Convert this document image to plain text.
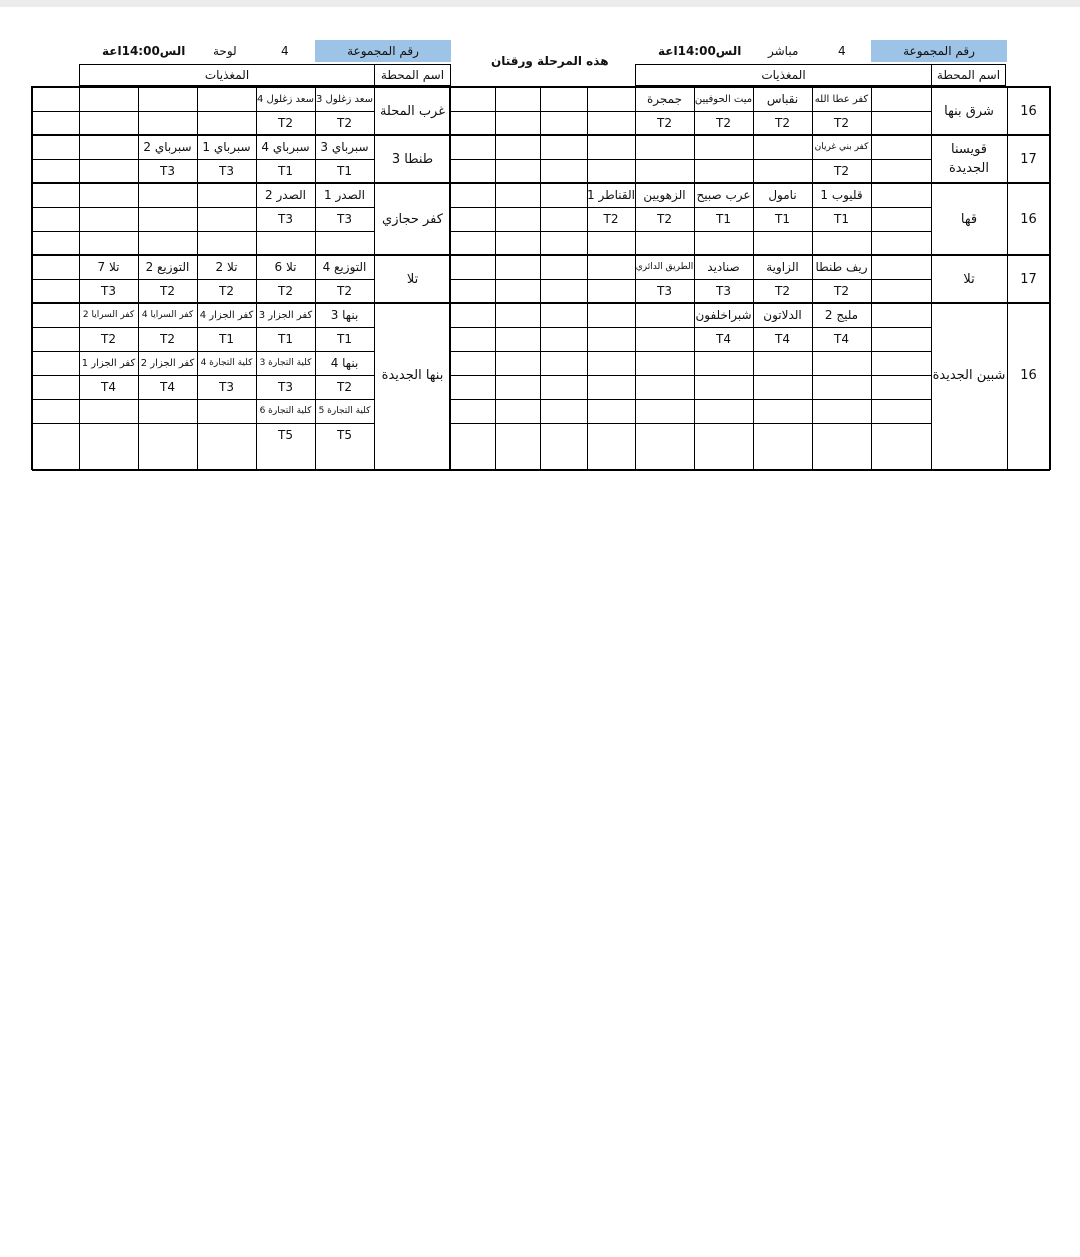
هذه المرحلة ورقتان
رقم المجموعة
4
مباشر
الس14:00اعة
اسم المحطة
المغذيات
رقم المجموعة
4
لوحة
الس14:00اعة
اسم المحطة
المغذيات
16
شرق بنها
كفر عطا الله
نقباس
ميت الحوفيين
جمجرة
T2
T2
T2
T2
17
قويسنا الجديدة
كفر بني غريان
T2
16
قها
قليوب 1
نامول
عرب صبيح
الزهويين
القناطر 1
T1
T1
T1
T2
T2
17
تلا
ريف طنطا
الزاوية
صناديد
الطريق الدائري
T2
T2
T3
T3
16
شبين الجديدة
مليج 2
الدلاتون
شبراخلفون
T4
T4
T4
غرب المحلة
سعد زغلول 3
سعد زغلول 4
T2
T2
طنطا 3
سبرباي 3
سبرباي 4
سبرباي 1
سبرباي 2
T1
T1
T3
T3
كفر حجازي
الصدر 1
الصدر 2
T3
T3
تلا
التوزيع 4
تلا 6
تلا 2
التوزيع 2
تلا 7
T2
T2
T2
T2
T3
بنها الجديدة
بنها 3
كفر الجزار 3
كفر الجزار 4
كفر السرايا 4
كفر السرايا 2
T1
T1
T1
T2
T2
بنها 4
كلية التجارة 3
كلية التجارة 4
كفر الجزار 2
كفر الجزار 1
T2
T3
T3
T4
T4
كلية التجارة 5
كلية التجارة 6
T5
T5
